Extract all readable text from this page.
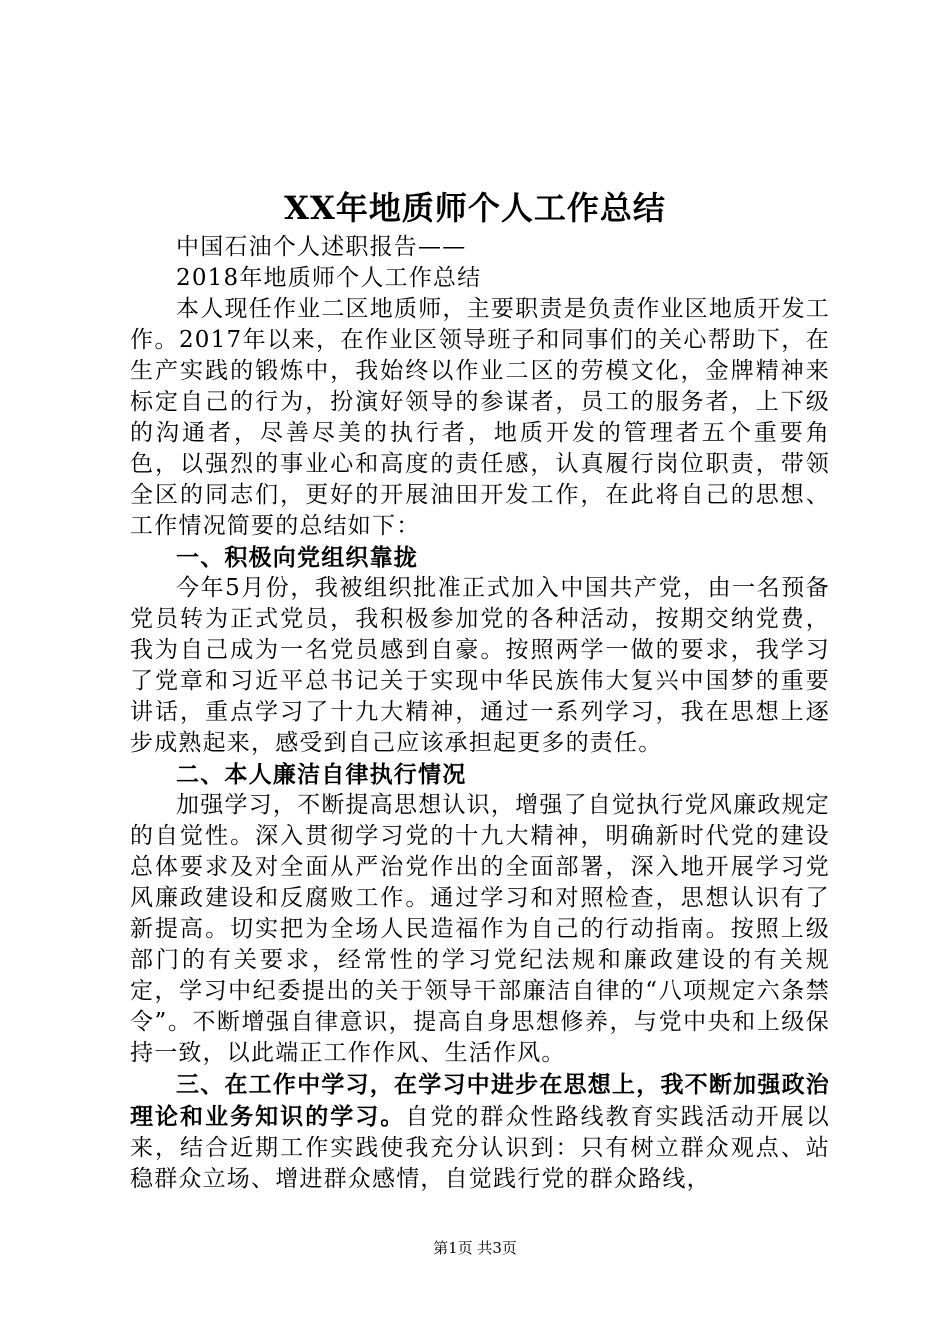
XX年地质师个人工作总结

中国石油个人述职报告——

2018年地质师个人工作总结

本人现任作业二区地质师，主要职责是负责作业区地质开发工作。2017年以来，在作业区领导班子和同事们的关心帮助下，在生产实践的锻炼中，我始终以作业二区的劳模文化，金牌精神来标定自己的行为，扮演好领导的参谋者，员工的服务者，上下级的沟通者，尽善尽美的执行者，地质开发的管理者五个重要角色，以强烈的事业心和高度的责任感，认真履行岗位职责，带领全区的同志们，更好的开展油田开发工作，在此将自己的思想、工作情况简要的总结如下：

一、积极向党组织靠拢

今年5月份，我被组织批准正式加入中国共产党，由一名预备党员转为正式党员，我积极参加党的各种活动，按期交纳党费，我为自己成为一名党员感到自豪。按照两学一做的要求，我学习了党章和习近平总书记关于实现中华民族伟大复兴中国梦的重要讲话，重点学习了十九大精神，通过一系列学习，我在思想上逐步成熟起来，感受到自己应该承担起更多的责任。

二、本人廉洁自律执行情况

加强学习，不断提高思想认识，增强了自觉执行党风廉政规定的自觉性。深入贯彻学习党的十九大精神，明确新时代党的建设总体要求及对全面从严治党作出的全面部署，深入地开展学习党风廉政建设和反腐败工作。通过学习和对照检查，思想认识有了新提高。切实把为全场人民造福作为自己的行动指南。按照上级部门的有关要求，经常性的学习党纪法规和廉政建设的有关规定，学习中纪委提出的关于领导干部廉洁自律的“八项规定六条禁令”。不断增强自律意识，提高自身思想修养，与党中央和上级保持一致，以此端正工作作风、生活作风。

三、在工作中学习，在学习中进步在思想上，我不断加强政治理论和业务知识的学习。自党的群众性路线教育实践活动开展以来，结合近期工作实践使我充分认识到：只有树立群众观点、站稳群众立场、增进群众感情，自觉践行党的群众路线，

第1页 共3页
